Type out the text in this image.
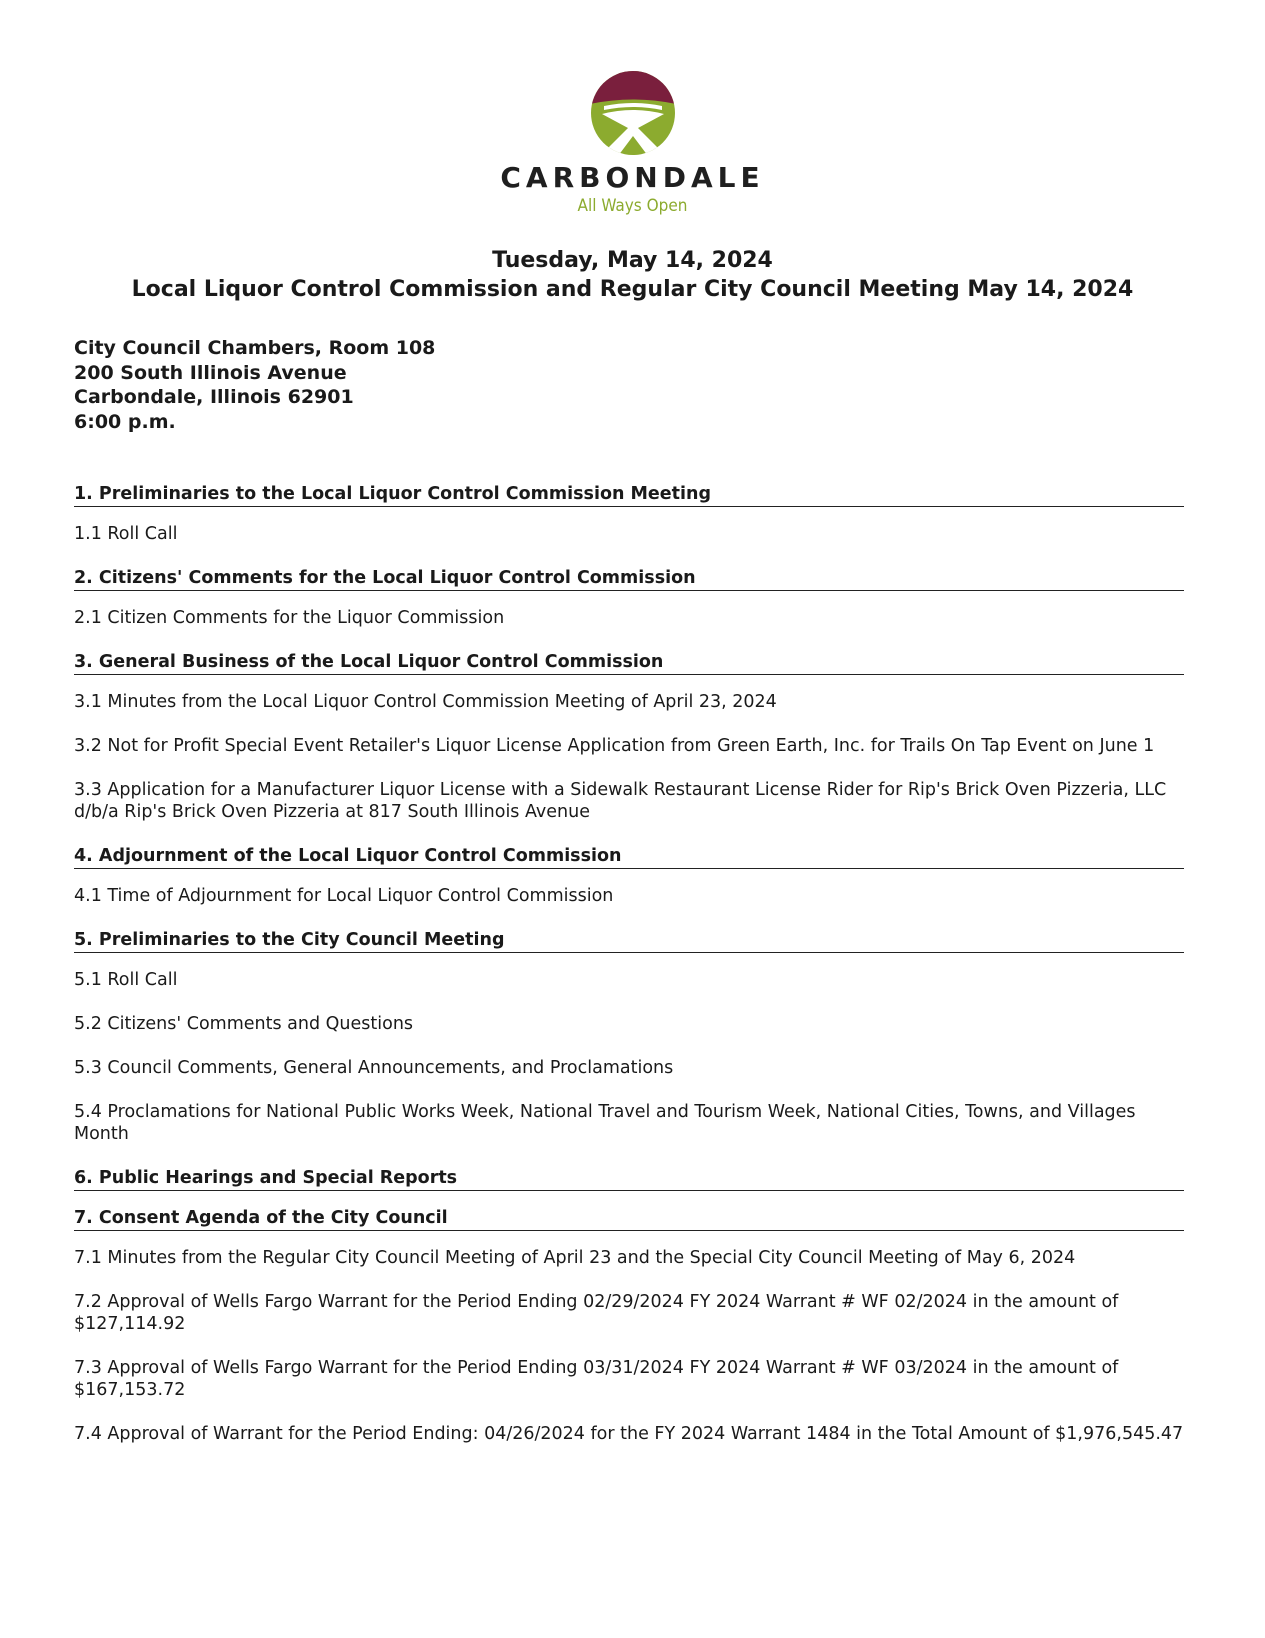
CARBONDALE
All Ways Open
Tuesday, May 14, 2024
Local Liquor Control Commission and Regular City Council Meeting May 14, 2024
City Council Chambers, Room 108
200 South Illinois Avenue
Carbondale, Illinois 62901
6:00 p.m.
1. Preliminaries to the Local Liquor Control Commission Meeting
1.1 Roll Call
2. Citizens' Comments for the Local Liquor Control Commission
2.1 Citizen Comments for the Liquor Commission
3. General Business of the Local Liquor Control Commission
3.1 Minutes from the Local Liquor Control Commission Meeting of April 23, 2024
3.2 Not for Profit Special Event Retailer's Liquor License Application from Green Earth, Inc. for Trails On Tap Event on June 1
3.3 Application for a Manufacturer Liquor License with a Sidewalk Restaurant License Rider for Rip's Brick Oven Pizzeria, LLC d/b/a Rip's Brick Oven Pizzeria at 817 South Illinois Avenue
4. Adjournment of the Local Liquor Control Commission
4.1 Time of Adjournment for Local Liquor Control Commission
5. Preliminaries to the City Council Meeting
5.1 Roll Call
5.2 Citizens' Comments and Questions
5.3 Council Comments, General Announcements, and Proclamations
5.4 Proclamations for National Public Works Week, National Travel and Tourism Week, National Cities, Towns, and Villages Month
6. Public Hearings and Special Reports
7. Consent Agenda of the City Council
7.1 Minutes from the Regular City Council Meeting of April 23 and the Special City Council Meeting of May 6, 2024
7.2 Approval of Wells Fargo Warrant for the Period Ending 02/29/2024 FY 2024 Warrant # WF 02/2024 in the amount of $127,114.92
7.3 Approval of Wells Fargo Warrant for the Period Ending 03/31/2024 FY 2024 Warrant # WF 03/2024 in the amount of $167,153.72
7.4 Approval of Warrant for the Period Ending: 04/26/2024 for the FY 2024 Warrant 1484 in the Total Amount of $1,976,545.47
